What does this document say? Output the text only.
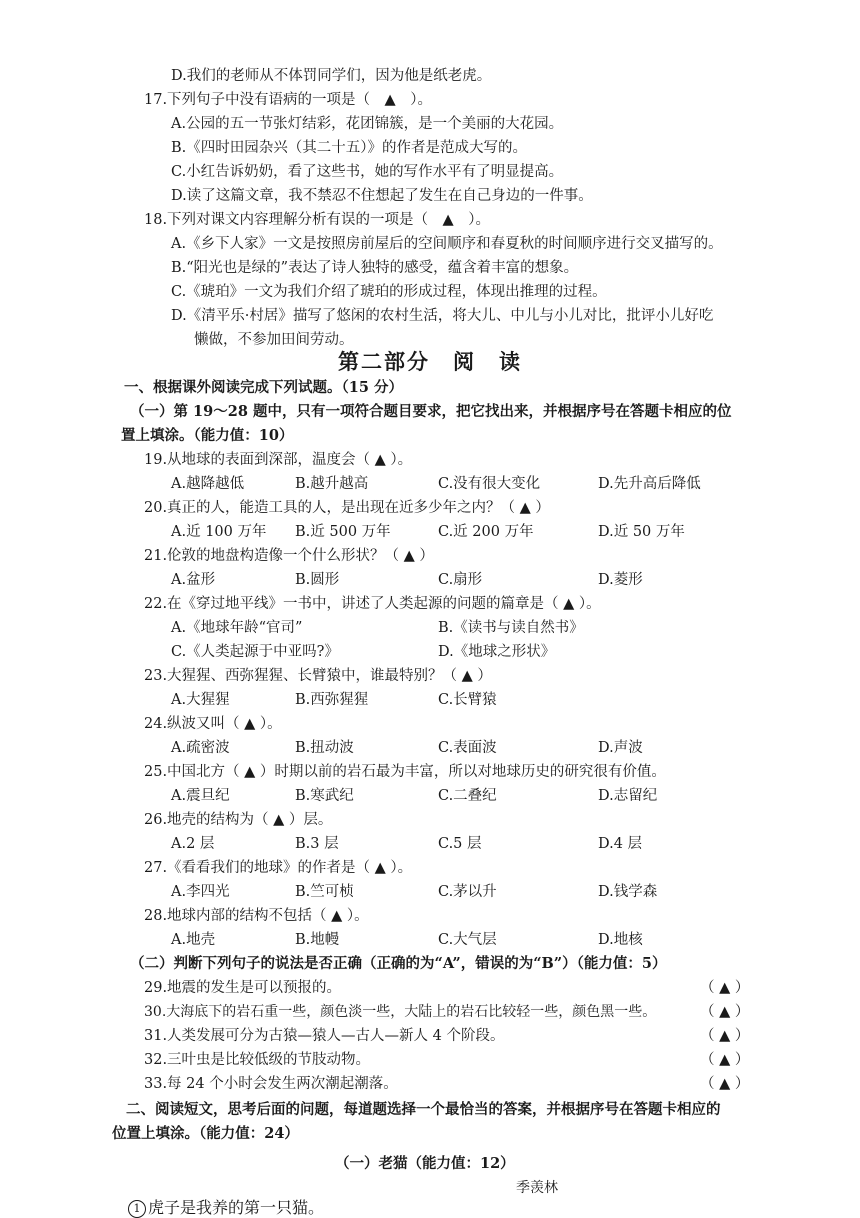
D.我们的老师从不体罚同学们，因为他是纸老虎。
17.下列句子中没有语病的一项是（　▲　）。
A.公园的五一节张灯结彩，花团锦簇，是一个美丽的大花园。
B.《四时田园杂兴（其二十五）》的作者是范成大写的。
C.小红告诉奶奶，看了这些书，她的写作水平有了明显提高。
D.读了这篇文章，我不禁忍不住想起了发生在自己身边的一件事。
18.下列对课文内容理解分析有误的一项是（　▲　）。
A.《乡下人家》一文是按照房前屋后的空间顺序和春夏秋的时间顺序进行交叉描写的。
B.“阳光也是绿的”表达了诗人独特的感受，蕴含着丰富的想象。
C.《琥珀》一文为我们介绍了琥珀的形成过程，体现出推理的过程。
D.《清平乐·村居》描写了悠闲的农村生活，将大儿、中儿与小儿对比，批评小儿好吃
懒做，不参加田间劳动。
第二部分　阅　读
一、根据课外阅读完成下列试题。（15 分）
（一）第 19～28 题中，只有一项符合题目要求，把它找出来，并根据序号在答题卡相应的位
置上填涂。（能力值：10）
19.从地球的表面到深部，温度会（ ▲ ）。
A.越降越低	B.越升越高	C.没有很大变化	D.先升高后降低
20.真正的人，能造工具的人，是出现在近多少年之内？（ ▲ ）
A.近 100 万年 B.近 500 万年	C.近 200 万年	D.近 50 万年
21.伦敦的地盘构造像一个什么形状？（ ▲ ）
A.盆形	B.圆形	C.扇形	D.菱形
22.在《穿过地平线》一书中，讲述了人类起源的问题的篇章是（ ▲ ）。
A.《地球年龄“官司”	B.《读书与读自然书》
C.《人类起源于中亚吗?》	D.《地球之形状》
23.大猩猩、西弥猩猩、长臂猿中，谁最特别？（ ▲ ）
A.大猩猩	B.西弥猩猩	C.长臂猿
24.纵波又叫（ ▲ ）。
A.疏密波	B.扭动波	C.表面波	D.声波
25.中国北方（ ▲ ）时期以前的岩石最为丰富，所以对地球历史的研究很有价值。
A.震旦纪	B.寒武纪	C.二叠纪	D.志留纪
26.地壳的结构为（ ▲ ）层。
A.2 层	B.3 层	C.5 层	D.4 层
27.《看看我们的地球》的作者是（ ▲ ）。
A.李四光	B.竺可桢	C.茅以升	D.钱学森
28.地球内部的结构不包括（ ▲ ）。
A.地壳	B.地幔	C.大气层	D.地核
（二）判断下列句子的说法是否正确（正确的为“A”，错误的为“B”）（能力值：5）
29.地震的发生是可以预报的。	（ ▲ ）
30.大海底下的岩石重一些，颜色淡一些，大陆上的岩石比较轻一些，颜色黑一些。	（ ▲ ）
31.人类发展可分为古猿—猿人—古人—新人 4 个阶段。	（ ▲ ）
32.三叶虫是比较低级的节肢动物。	（ ▲ ）
33.每 24 个小时会发生两次潮起潮落。	（ ▲ ）
二、阅读短文，思考后面的问题，每道题选择一个最恰当的答案，并根据序号在答题卡相应的
位置上填涂。（能力值：24）
（一）老猫（能力值：12）
季羡林
1 虎子是我养的第一只猫。
